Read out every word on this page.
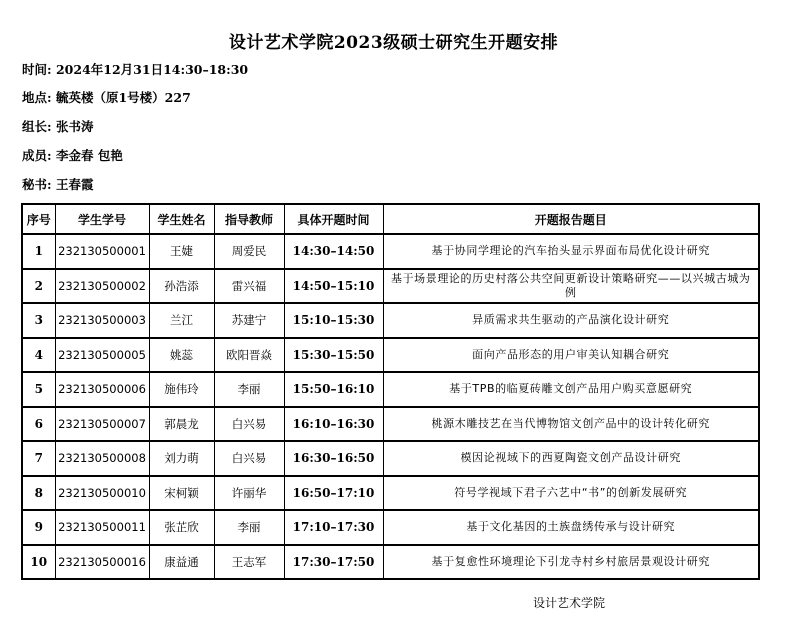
设计艺术学院2023级硕士研究生开题安排
时间: 2024年12月31日14:30–18:30
地点: 毓英楼（原1号楼）227
组长: 张书涛
成员: 李金春 包艳
秘书: 王春霞
序号	学生学号	学生姓名	指导教师	具体开题时间	开题报告题目
1	232130500001	王婕	周爱民	14:30–14:50	基于协同学理论的汽车抬头显示界面布局优化设计研究
2	232130500002	孙浩添	雷兴福	14:50–15:10	基于场景理论的历史村落公共空间更新设计策略研究——以兴城古城为例
3	232130500003	兰江	苏建宁	15:10–15:30	异质需求共生驱动的产品演化设计研究
4	232130500005	姚蕊	欧阳晋焱	15:30–15:50	面向产品形态的用户审美认知耦合研究
5	232130500006	施伟玲	李丽	15:50–16:10	基于TPB的临夏砖雕文创产品用户购买意愿研究
6	232130500007	郭晨龙	白兴易	16:10–16:30	桃源木雕技艺在当代博物馆文创产品中的设计转化研究
7	232130500008	刘力萌	白兴易	16:30–16:50	模因论视域下的西夏陶瓷文创产品设计研究
8	232130500010	宋柯颖	许丽华	16:50–17:10	符号学视域下君子六艺中“书”的创新发展研究
9	232130500011	张芷欣	李丽	17:10–17:30	基于文化基因的土族盘绣传承与设计研究
10	232130500016	康益通	王志军	17:30–17:50	基于复愈性环境理论下引龙寺村乡村旅居景观设计研究
设计艺术学院
